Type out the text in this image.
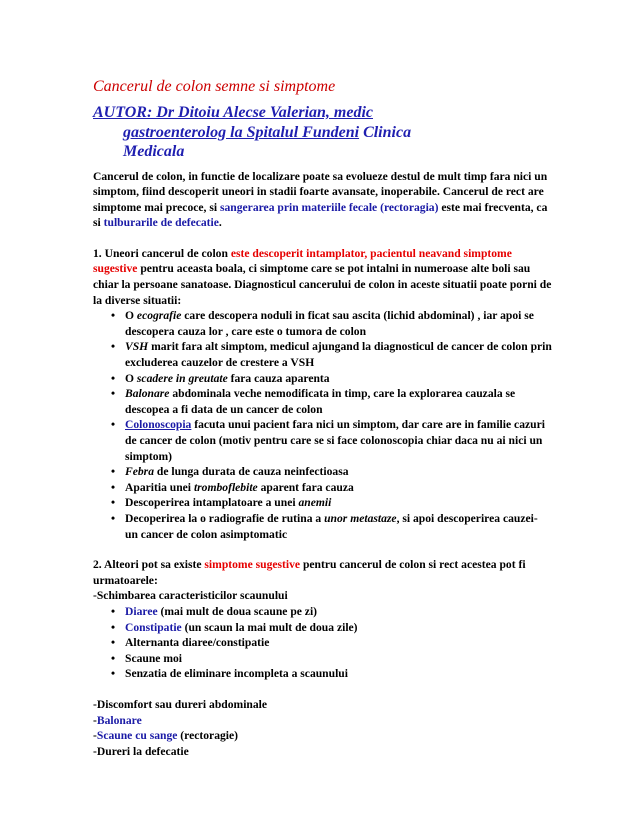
Cancerul de colon semne si simptome
AUTOR: Dr Ditoiu Alecse Valerian, medic
gastroenterolog la Spitalul Fundeni Clinica
Medicala

Cancerul de colon, in functie de localizare poate sa evolueze destul de mult timp fara nici un simptom, fiind descoperit uneori in stadii foarte avansate, inoperabile. Cancerul de rect are simptome mai precoce, si sangerarea prin materiile fecale (rectoragia) este mai frecventa, ca si tulburarile de defecatie.

1. Uneori cancerul de colon este descoperit intamplator, pacientul neavand simptome sugestive pentru aceasta boala, ci simptome care se pot intalni in numeroase alte boli sau chiar la persoane sanatoase. Diagnosticul cancerului de colon in aceste situatii poate porni de la diverse situatii:

• O ecografie care descopera noduli in ficat sau ascita (lichid abdominal) , iar apoi se descopera cauza lor , care este o tumora de colon
• VSH marit fara alt simptom, medicul ajungand la diagnosticul de cancer de colon prin excluderea cauzelor de crestere a VSH
• O scadere in greutate fara cauza aparenta
• Balonare abdominala veche nemodificata in timp, care la explorarea cauzala se descopea a fi data de un cancer de colon
• Colonoscopia facuta unui pacient fara nici un simptom, dar care are in familie cazuri de cancer de colon (motiv pentru care se si face colonoscopia chiar daca nu ai nici un simptom)
• Febra de lunga durata de cauza neinfectioasa
• Aparitia unei tromboflebite aparent fara cauza
• Descoperirea intamplatoare a unei anemii
• Decoperirea la o radiografie de rutina a unor metastaze, si apoi descoperirea cauzei- un cancer de colon asimptomatic

2. Alteori pot sa existe simptome sugestive pentru cancerul de colon si rect acestea pot fi urmatoarele:

-Schimbarea caracteristicilor scaunului

• Diaree (mai mult de doua scaune pe zi)
• Constipatie (un scaun la mai mult de doua zile)
• Alternanta diaree/constipatie
• Scaune moi
• Senzatia de eliminare incompleta a scaunului

-Discomfort sau dureri abdominale

-Balonare

-Scaune cu sange (rectoragie)

-Dureri la defecatie
